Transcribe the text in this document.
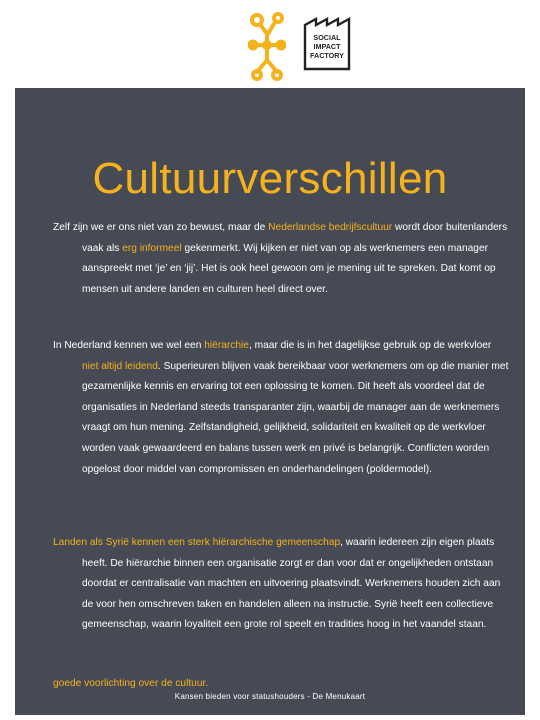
SOCIAL
IMPACT
FACTORY
Cultuurverschillen

Zelf zijn we er ons niet van zo bewust, maar de Nederlandse bedrijfscultuur wordt door buitenlanders vaak als erg informeel gekenmerkt. Wij kijken er niet van op als werknemers een manager aanspreekt met ‘je’ en ‘jij’. Het is ook heel gewoon om je mening uit te spreken. Dat komt op mensen uit andere landen en culturen heel direct over.

In Nederland kennen we wel een hiërarchie, maar die is in het dagelijkse gebruik op de werkvloer niet altijd leidend. Superieuren blijven vaak bereikbaar voor werknemers om op die manier met gezamenlijke kennis en ervaring tot een oplossing te komen. Dit heeft als voordeel dat de organisaties in Nederland steeds transparanter zijn, waarbij de manager aan de werknemers vraagt om hun mening. Zelfstandigheid, gelijkheid, solidariteit en kwaliteit op de werkvloer worden vaak gewaardeerd en balans tussen werk en privé is belangrijk. Conflicten worden opgelost door middel van compromissen en onderhandelingen (poldermodel).

Landen als Syrië kennen een sterk hiërarchische gemeenschap, waarin iedereen zijn eigen plaats heeft. De hiërarchie binnen een organisatie zorgt er dan voor dat er ongelijkheden ontstaan doordat er centralisatie van machten en uitvoering plaatsvindt. Werknemers houden zich aan de voor hen omschreven taken en handelen alleen na instructie. Syrië heeft een collectieve gemeenschap, waarin loyaliteit een grote rol speelt en tradities hoog in het vaandel staan.

goede voorlichting over de cultuur.

Kansen bieden voor statushouders - De Menukaart
